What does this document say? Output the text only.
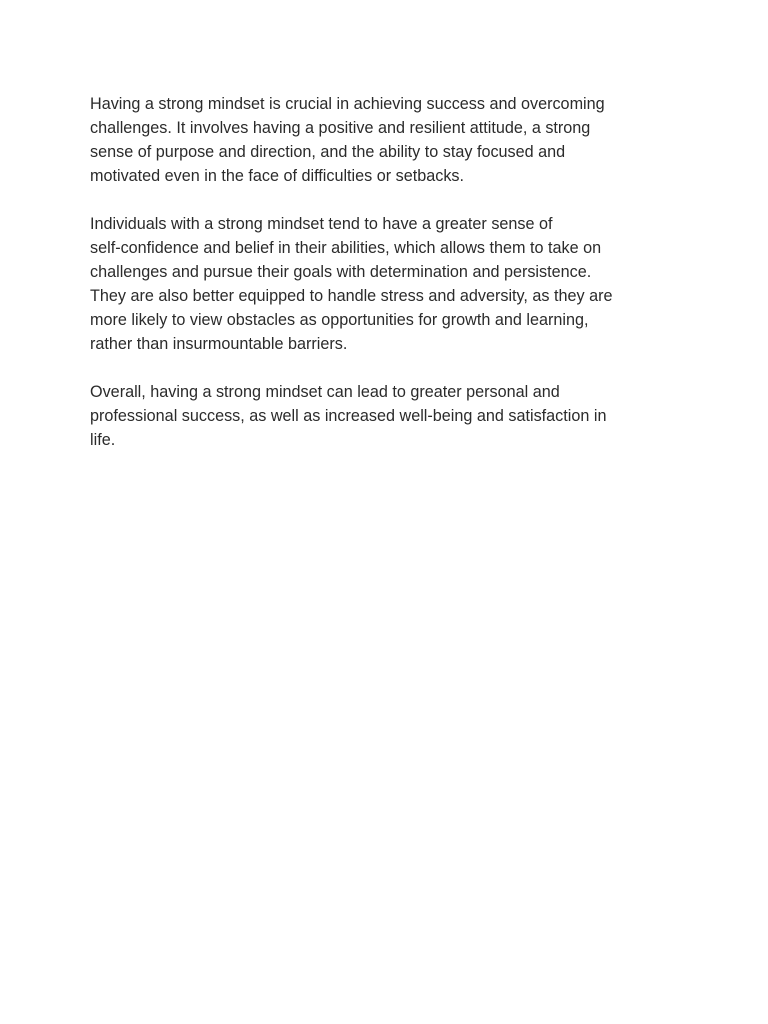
Having a strong mindset is crucial in achieving success and overcoming
challenges. It involves having a positive and resilient attitude, a strong
sense of purpose and direction, and the ability to stay focused and
motivated even in the face of difficulties or setbacks.

Individuals with a strong mindset tend to have a greater sense of
self-confidence and belief in their abilities, which allows them to take on
challenges and pursue their goals with determination and persistence.
They are also better equipped to handle stress and adversity, as they are
more likely to view obstacles as opportunities for growth and learning,
rather than insurmountable barriers.

Overall, having a strong mindset can lead to greater personal and
professional success, as well as increased well-being and satisfaction in
life.
